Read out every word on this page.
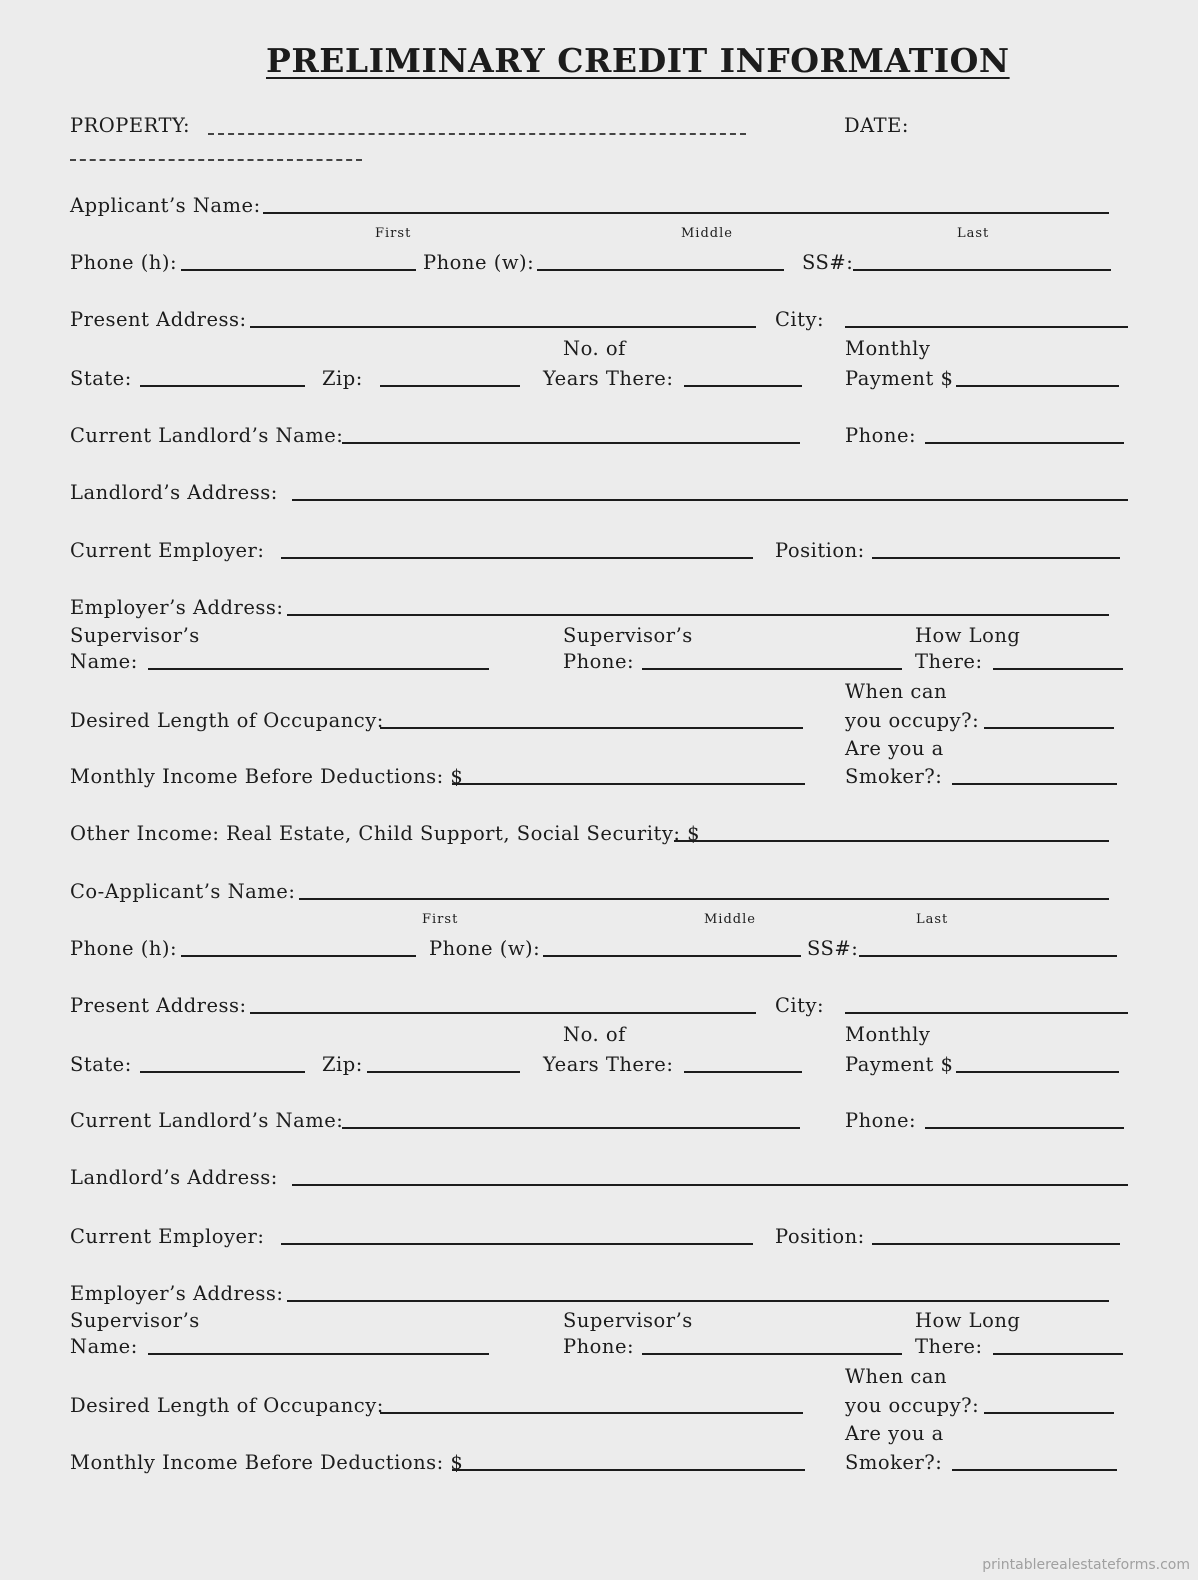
PRELIMINARY CREDIT INFORMATION
PROPERTY:	DATE:
Applicant’s Name:
First	Middle	Last
Phone (h):	Phone (w):	SS#:
Present Address:	City:
No. of	Monthly
State:	Zip:	Years There:	Payment $
Current Landlord’s Name:	Phone:
Landlord’s Address:
Current Employer:	Position:
Employer’s Address:
Supervisor’s	Supervisor’s	How Long
Name:	Phone:	There:
When can
Desired Length of Occupancy:	you occupy?:
Are you a
Monthly Income Before Deductions: $	Smoker?:
Other Income: Real Estate, Child Support, Social Security: $
Co-Applicant’s Name:
First	Middle	Last
Phone (h):	Phone (w):	SS#:
Present Address:	City:
No. of	Monthly
State:	Zip:	Years There:	Payment $
Current Landlord’s Name:	Phone:
Landlord’s Address:
Current Employer:	Position:
Employer’s Address:
Supervisor’s	Supervisor’s	How Long
Name:	Phone:	There:
When can
Desired Length of Occupancy:	you occupy?:
Are you a
Monthly Income Before Deductions: $	Smoker?:
printablerealestateforms.com
